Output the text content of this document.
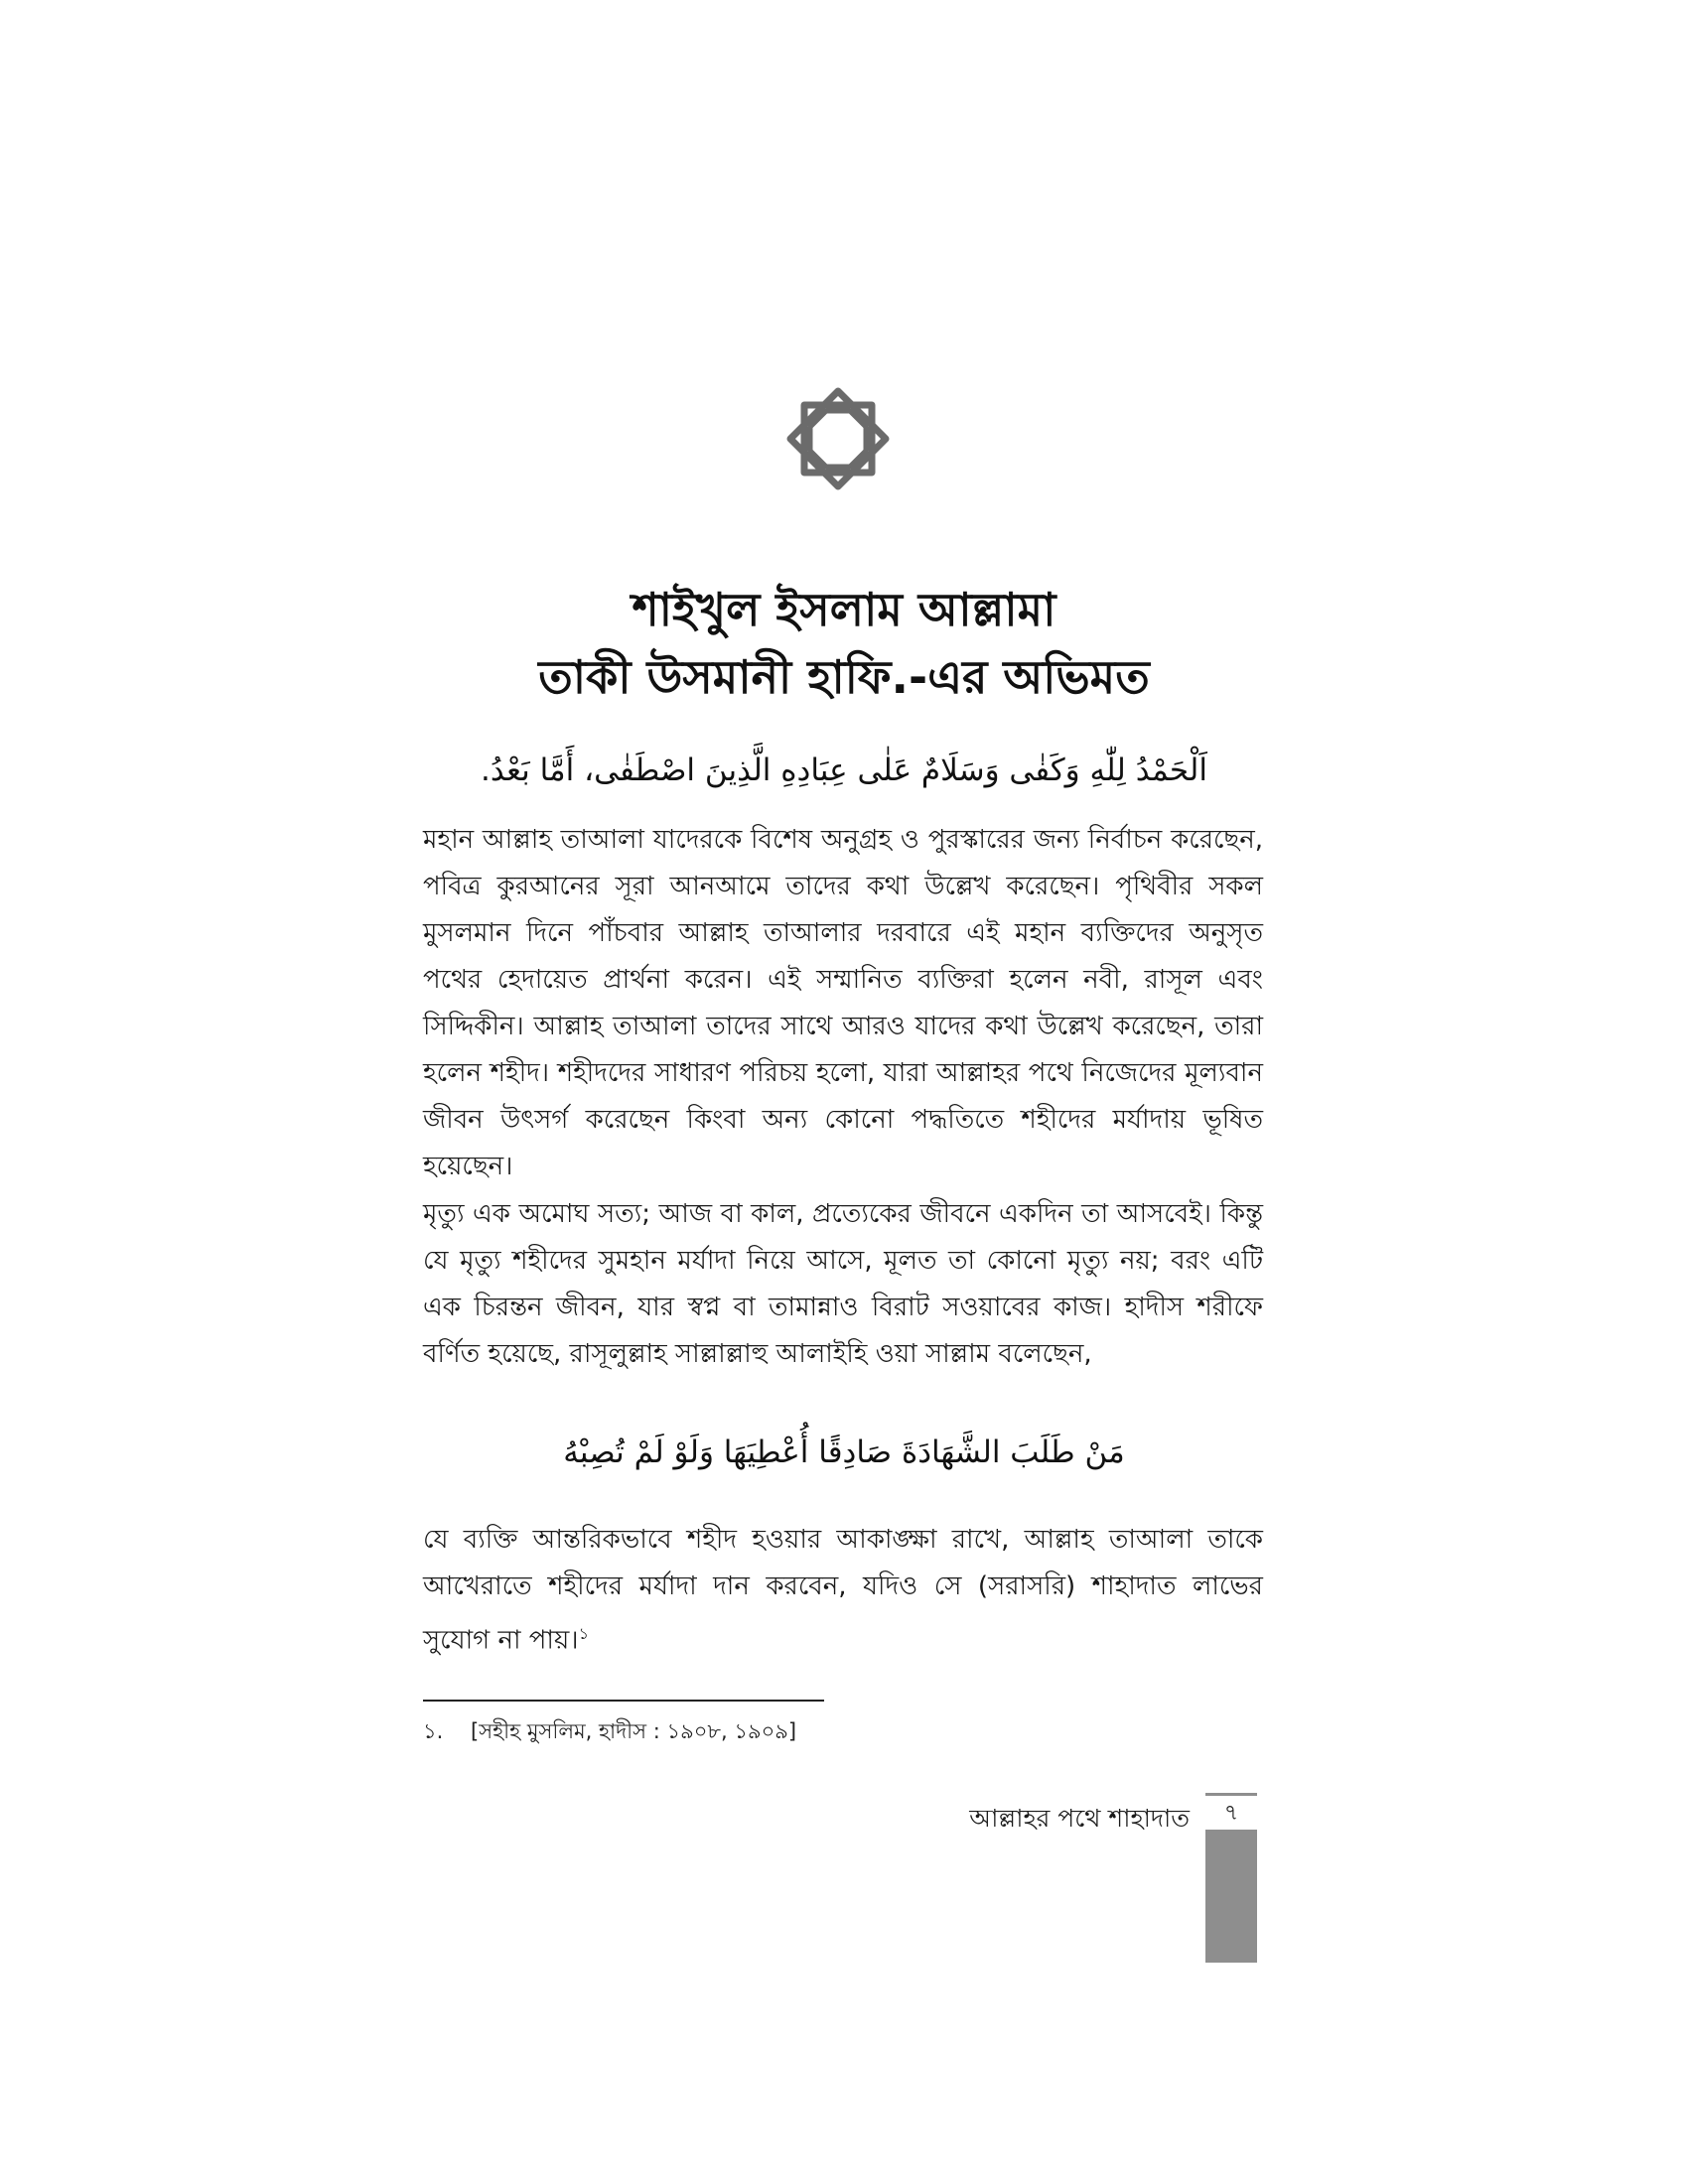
শাইখুল ইসলাম আল্লামা
তাকী উসমানী হাফি.-এর অভিমত
اَلْحَمْدُ لِلّٰهِ وَكَفٰى وَسَلَامٌ عَلٰى عِبَادِهِ الَّذِينَ اصْطَفٰى، أَمَّا بَعْدُ.

মহান আল্লাহ তাআলা যাদেরকে বিশেষ অনুগ্রহ ও পুরস্কারের জন্য নির্বাচন করেছেন, পবিত্র কুরআনের সূরা আনআমে তাদের কথা উল্লেখ করেছেন। পৃথিবীর সকল মুসলমান দিনে পাঁচবার আল্লাহ তাআলার দরবারে এই মহান ব্যক্তিদের অনুসৃত পথের হেদায়েত প্রার্থনা করেন। এই সম্মানিত ব্যক্তিরা হলেন নবী, রাসূল এবং সিদ্দিকীন। আল্লাহ তাআলা তাদের সাথে আরও যাদের কথা উল্লেখ করেছেন, তারা হলেন শহীদ। শহীদদের সাধারণ পরিচয় হলো, যারা আল্লাহর পথে নিজেদের মূল্যবান জীবন উৎসর্গ করেছেন কিংবা অন্য কোনো পদ্ধতিতে শহীদের মর্যাদায় ভূষিত হয়েছেন।

মৃত্যু এক অমোঘ সত্য; আজ বা কাল, প্রত্যেকের জীবনে একদিন তা আসবেই। কিন্তু যে মৃত্যু শহীদের সুমহান মর্যাদা নিয়ে আসে, মূলত তা কোনো মৃত্যু নয়; বরং এটি এক চিরন্তন জীবন, যার স্বপ্ন বা তামান্নাও বিরাট সওয়াবের কাজ। হাদীস শরীফে বর্ণিত হয়েছে, রাসূলুল্লাহ সাল্লাল্লাহু আলাইহি ওয়া সাল্লাম বলেছেন,

مَنْ طَلَبَ الشَّهَادَةَ صَادِقًا أُعْطِيَهَا وَلَوْ لَمْ تُصِبْهُ

যে ব্যক্তি আন্তরিকভাবে শহীদ হওয়ার আকাঙ্ক্ষা রাখে, আল্লাহ তাআলা তাকে আখেরাতে শহীদের মর্যাদা দান করবেন, যদিও সে (সরাসরি) শাহাদাত লাভের সুযোগ না পায়।$^১$

১. [সহীহ মুসলিম, হাদীস : ১৯০৮, ১৯০৯]
আল্লাহর পথে শাহাদাত	৭
